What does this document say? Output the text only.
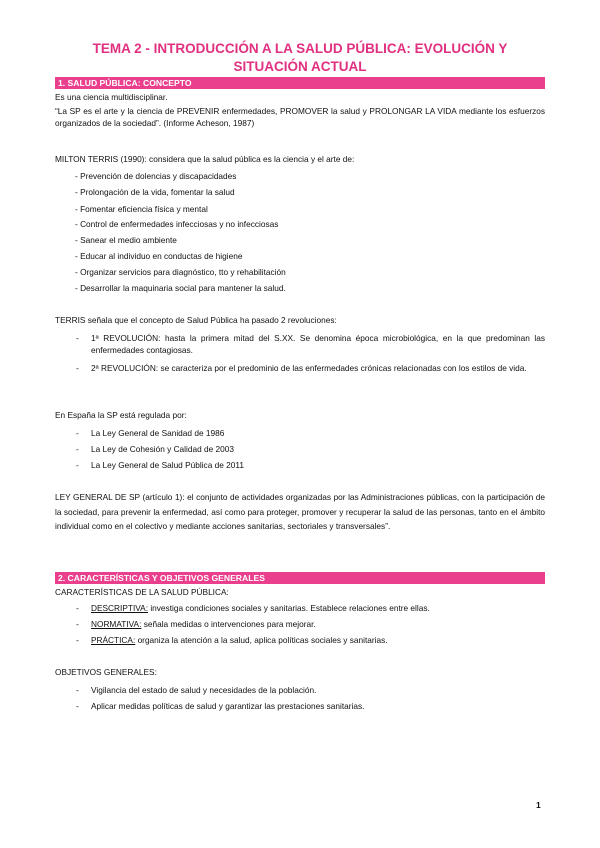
TEMA 2 - INTRODUCCIÓN A LA SALUD PÚBLICA: EVOLUCIÓN Y SITUACIÓN ACTUAL
1. SALUD PÚBLICA: CONCEPTO
Es una ciencia multidisciplinar.
“La SP es el arte y la ciencia de PREVENIR enfermedades, PROMOVER la salud y PROLONGAR LA VIDA mediante los esfuerzos organizados de la sociedad”. (Informe Acheson, 1987)
MILTON TERRIS (1990): considera que la salud pública es la ciencia y el arte de:
- Prevención de dolencias y discapacidades
- Prolongación de la vida, fomentar la salud
- Fomentar eficiencia física y mental
- Control de enfermedades infecciosas y no infecciosas
- Sanear el medio ambiente
- Educar al individuo en conductas de higiene
- Organizar servicios para diagnóstico, tto y rehabilitación
- Desarrollar la maquinaria social para mantener la salud.
TERRIS señala que el concepto de Salud Pública ha pasado 2 revoluciones:
- 1ª REVOLUCIÓN: hasta la primera mitad del S.XX. Se denomina época microbiológica, en la que predominan las enfermedades contagiosas.
- 2ª REVOLUCIÓN: se caracteriza por el predominio de las enfermedades crónicas relacionadas con los estilos de vida.
En España la SP está regulada por:
- La Ley General de Sanidad de 1986
- La Ley de Cohesión y Calidad de 2003
- La Ley General de Salud Pública de 2011
LEY GENERAL DE SP (artículo 1): el conjunto de actividades organizadas por las Administraciones públicas, con la participación de la sociedad, para prevenir la enfermedad, así como para proteger, promover y recuperar la salud de las personas, tanto en el ámbito individual como en el colectivo y mediante acciones sanitarias, sectoriales y transversales”.
2. CARACTERÍSTICAS Y OBJETIVOS GENERALES
CARACTERÍSTICAS DE LA SALUD PÚBLICA:
- DESCRIPTIVA: investiga condiciones sociales y sanitarias. Establece relaciones entre ellas.
- NORMATIVA: señala medidas o intervenciones para mejorar.
- PRÁCTICA: organiza la atención a la salud, aplica políticas sociales y sanitarias.
OBJETIVOS GENERALES:
- Vigilancia del estado de salud y necesidades de la población.
- Aplicar medidas políticas de salud y garantizar las prestaciones sanitarias.
1
